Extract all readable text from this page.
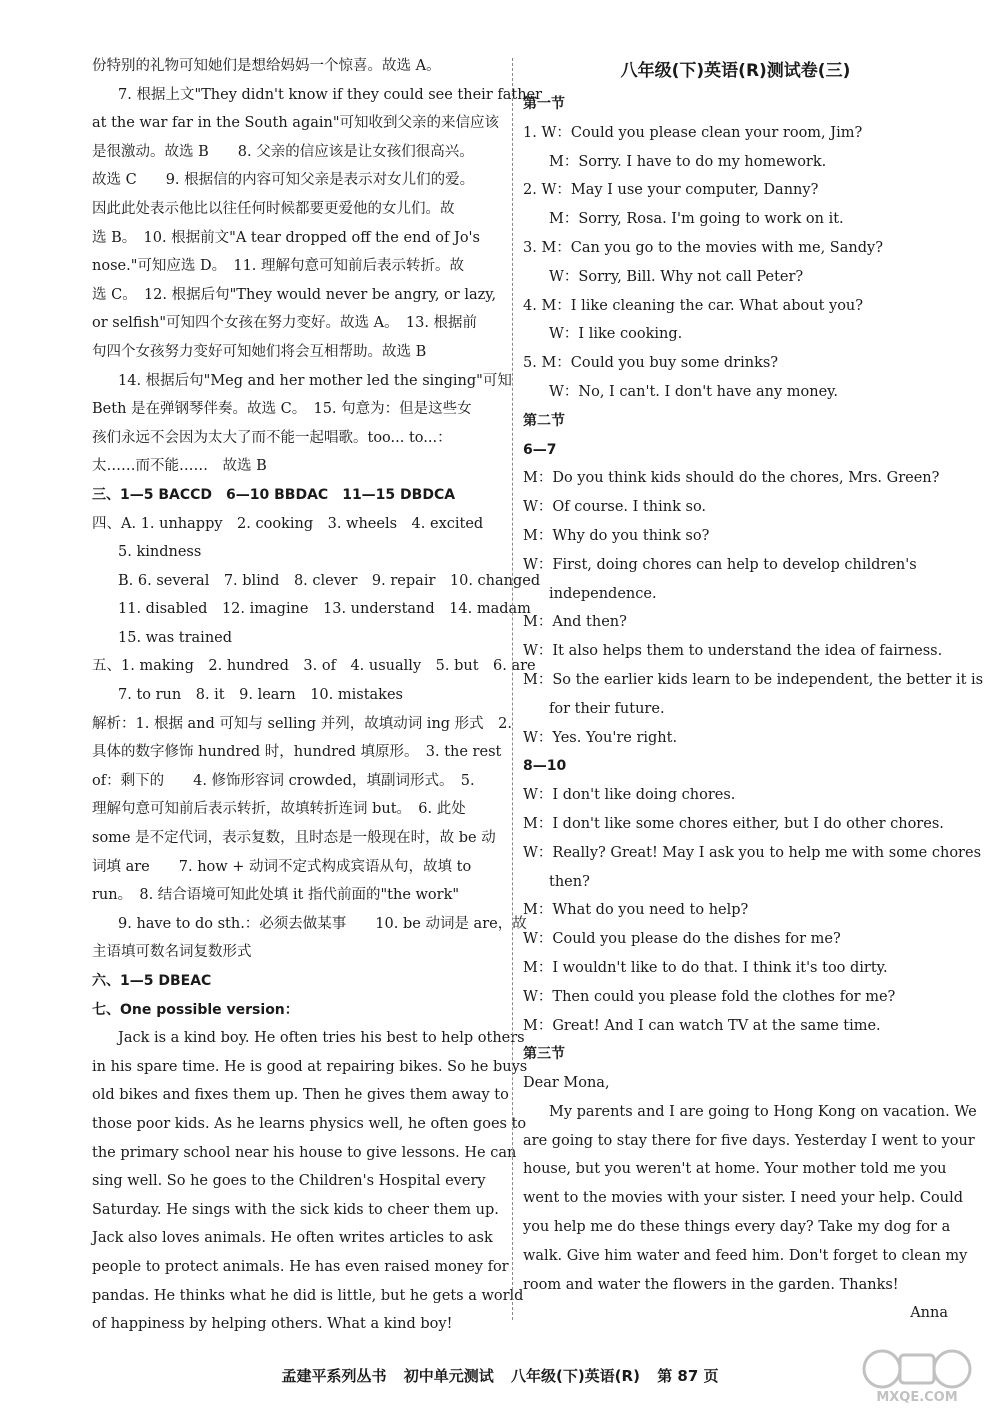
份特别的礼物可知她们是想给妈妈一个惊喜。故选 A。
7. 根据上文"They didn't know if they could see their father
at the war far in the South again"可知收到父亲的来信应该
是很激动。故选 B　　8. 父亲的信应该是让女孩们很高兴。
故选 C　　9. 根据信的内容可知父亲是表示对女儿们的爱。
因此此处表示他比以往任何时候都要更爱他的女儿们。故
选 B。　10. 根据前文"A tear dropped off the end of Jo's
nose."可知应选 D。　11. 理解句意可知前后表示转折。故
选 C。　12. 根据后句"They would never be angry, or lazy,
or selfish"可知四个女孩在努力变好。故选 A。　13. 根据前
句四个女孩努力变好可知她们将会互相帮助。故选 B
14. 根据后句"Meg and her mother led the singing"可知
Beth 是在弹钢琴伴奏。故选 C。　15. 句意为：但是这些女
孩们永远不会因为太大了而不能一起唱歌。too... to...：
太……而不能……　故选 B
三、1—5 BACCD　6—10 BBDAC　11—15 DBDCA
四、A. 1. unhappy　2. cooking　3. wheels　4. excited
5. kindness
B. 6. several　7. blind　8. clever　9. repair　10. changed
11. disabled　12. imagine　13. understand　14. madam
15. was trained
五、1. making　2. hundred　3. of　4. usually　5. but　6. are
7. to run　8. it　9. learn　10. mistakes
解析：1. 根据 and 可知与 selling 并列，故填动词 ing 形式　2.
具体的数字修饰 hundred 时，hundred 填原形。　3. the rest
of：剩下的　　4. 修饰形容词 crowded，填副词形式。　5.
理解句意可知前后表示转折，故填转折连词 but。　6. 此处
some 是不定代词，表示复数，且时态是一般现在时，故 be 动
词填 are　　7. how + 动词不定式构成宾语从句，故填 to
run。　8. 结合语境可知此处填 it 指代前面的"the work"
9. have to do sth.：必须去做某事　　10. be 动词是 are，故
主语填可数名词复数形式
六、1—5 DBEAC
七、One possible version：
Jack is a kind boy. He often tries his best to help others
in his spare time. He is good at repairing bikes. So he buys
old bikes and fixes them up. Then he gives them away to
those poor kids. As he learns physics well, he often goes to
the primary school near his house to give lessons. He can
sing well. So he goes to the Children's Hospital every
Saturday. He sings with the sick kids to cheer them up.
Jack also loves animals. He often writes articles to ask
people to protect animals. He has even raised money for
pandas. He thinks what he did is little, but he gets a world
of happiness by helping others. What a kind boy!
八年级(下)英语(R)测试卷(三)
第一节
1. W：Could you please clean your room, Jim?
M：Sorry. I have to do my homework.
2. W：May I use your computer, Danny?
M：Sorry, Rosa. I'm going to work on it.
3. M：Can you go to the movies with me, Sandy?
W：Sorry, Bill. Why not call Peter?
4. M：I like cleaning the car. What about you?
W：I like cooking.
5. M：Could you buy some drinks?
W：No, I can't. I don't have any money.
第二节
6—7
M：Do you think kids should do the chores, Mrs. Green?
W：Of course. I think so.
M：Why do you think so?
W：First, doing chores can help to develop children's
independence.
M：And then?
W：It also helps them to understand the idea of fairness.
M：So the earlier kids learn to be independent, the better it is
for their future.
W：Yes. You're right.
8—10
W：I don't like doing chores.
M：I don't like some chores either, but I do other chores.
W：Really? Great! May I ask you to help me with some chores
then?
M：What do you need to help?
W：Could you please do the dishes for me?
M：I wouldn't like to do that. I think it's too dirty.
W：Then could you please fold the clothes for me?
M：Great! And I can watch TV at the same time.
第三节
Dear Mona,
My parents and I are going to Hong Kong on vacation. We
are going to stay there for five days. Yesterday I went to your
house, but you weren't at home. Your mother told me you
went to the movies with your sister. I need your help. Could
you help me do these things every day? Take my dog for a
walk. Give him water and feed him. Don't forget to clean my
room and water the flowers in the garden. Thanks!
Anna
孟建平系列丛书 初中单元测试 八年级(下)英语(R) 第 87 页
MXQE.COM
